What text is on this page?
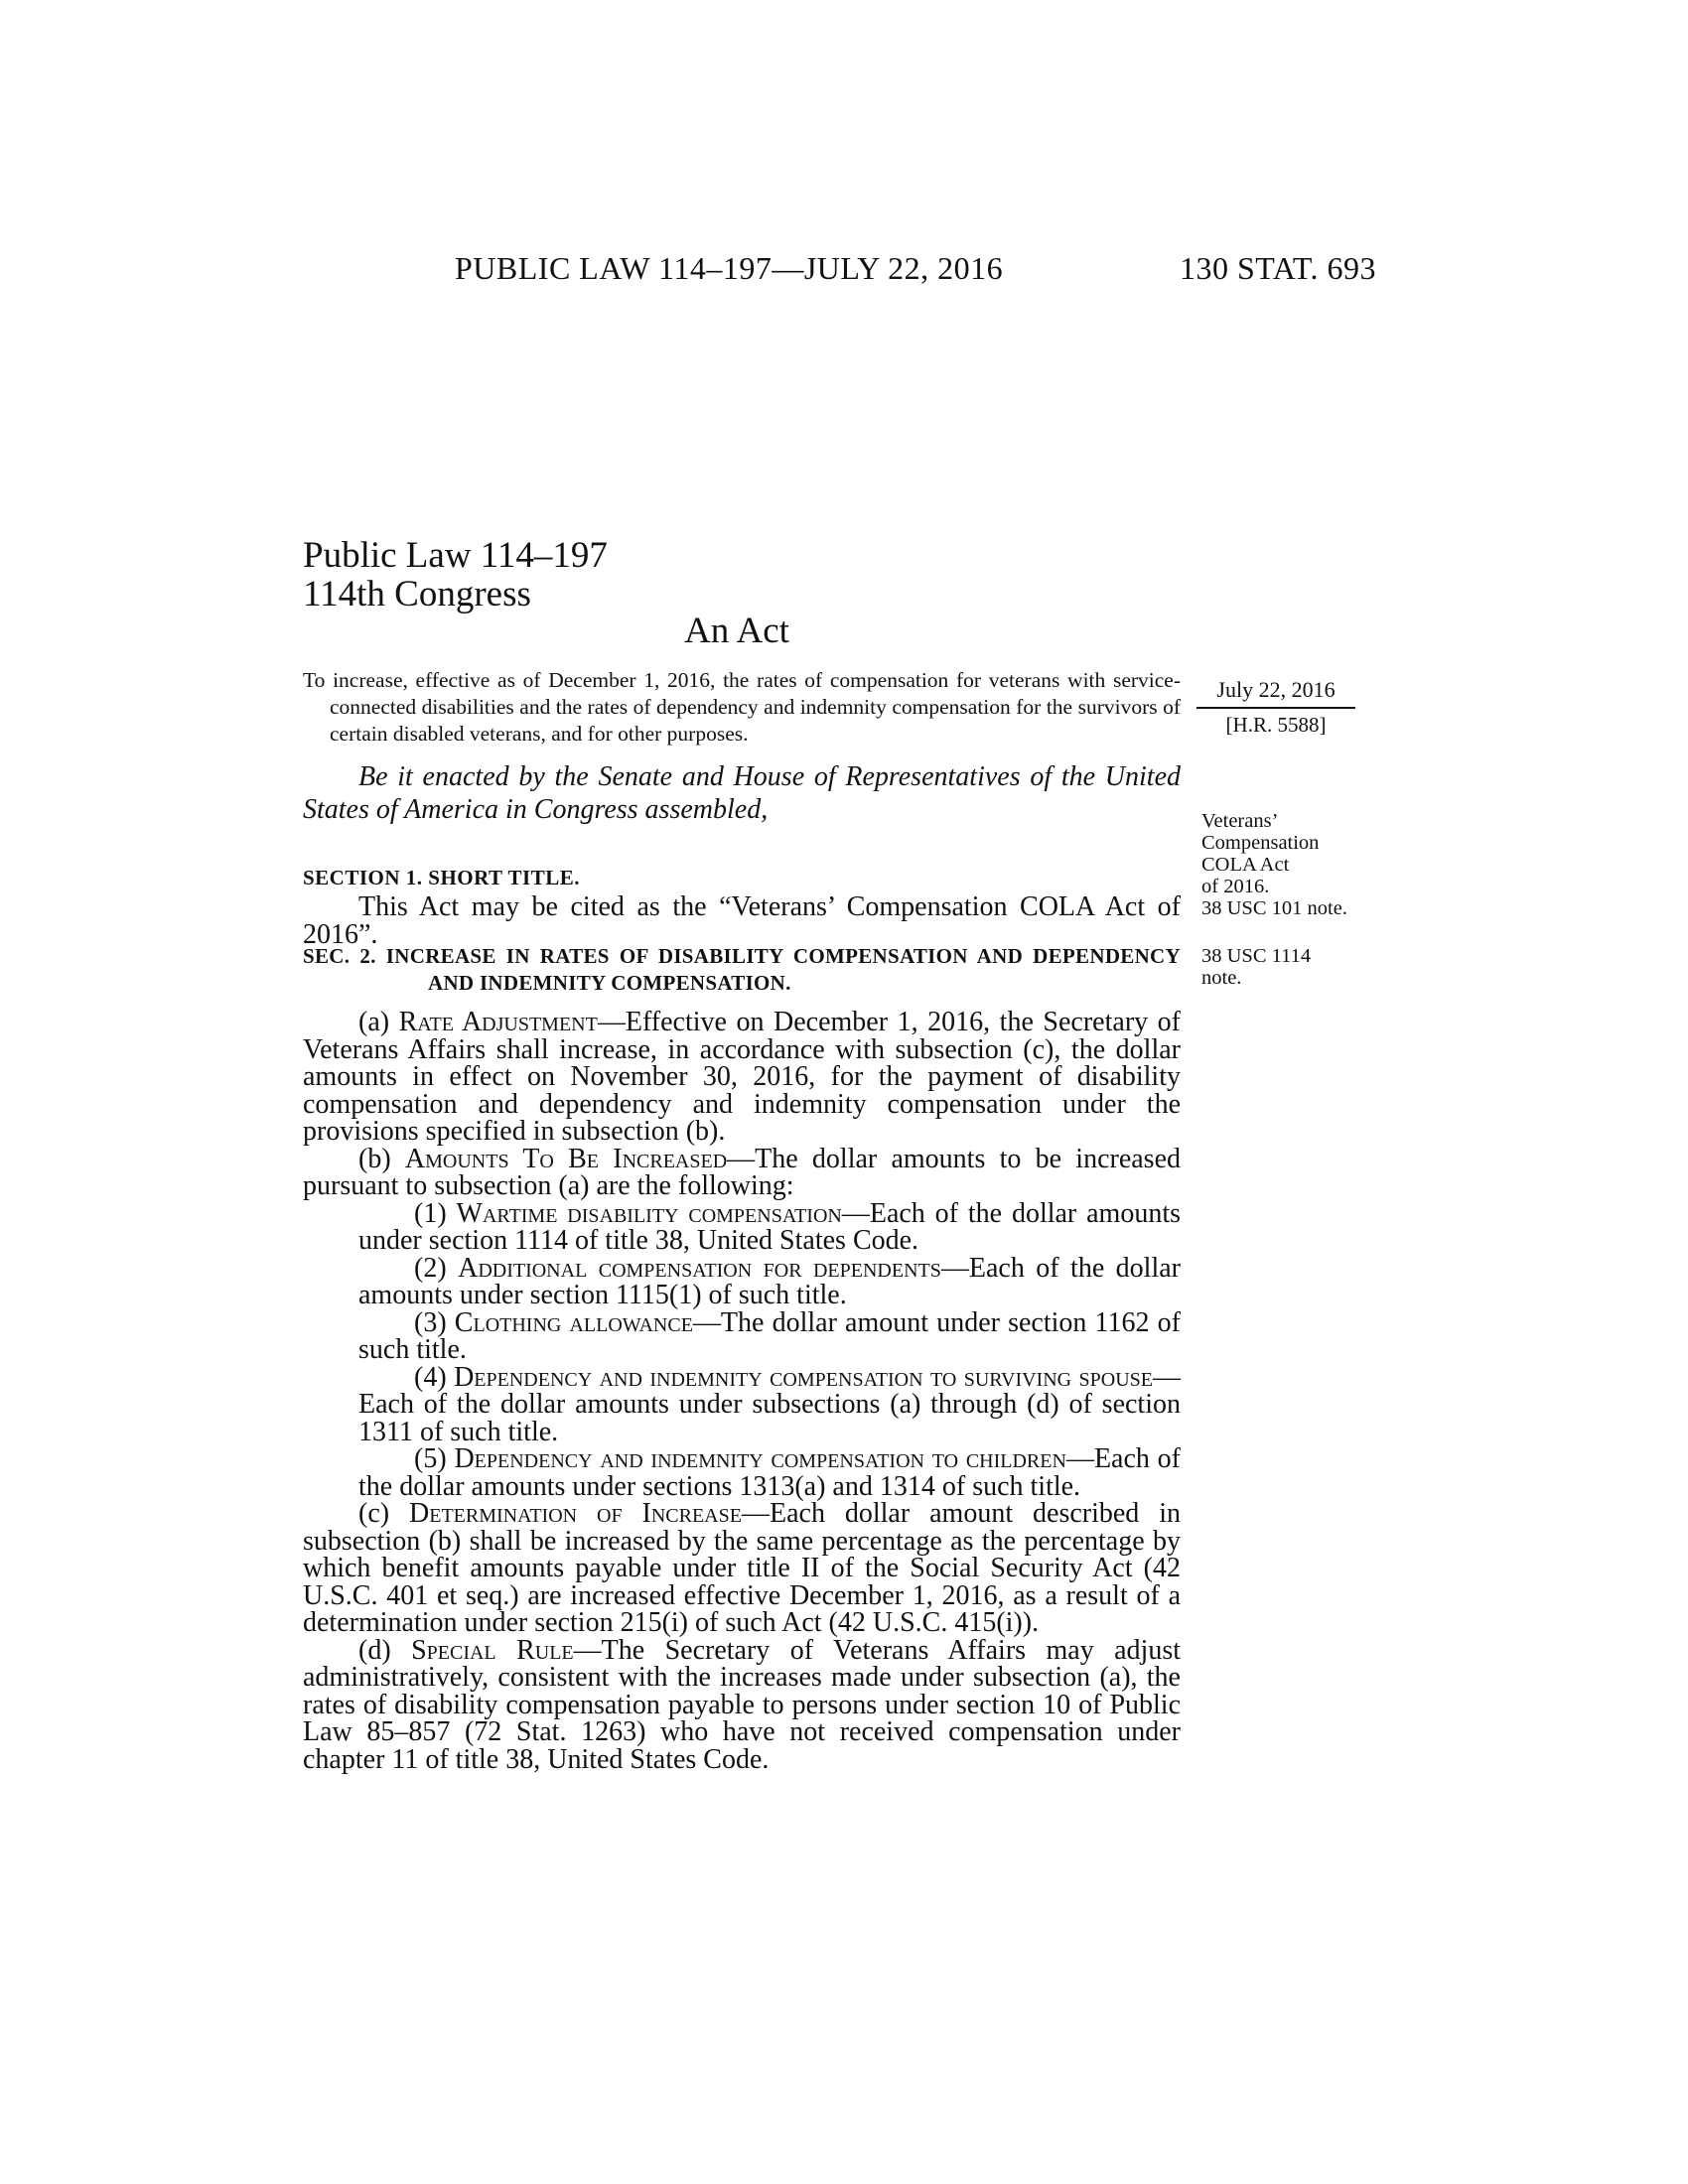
PUBLIC LAW 114–197—JULY 22, 2016	130 STAT. 693
Public Law 114–197
114th Congress
An Act
To increase, effective as of December 1, 2016, the rates of compensation for veterans with service-connected disabilities and the rates of dependency and indemnity compensation for the survivors of certain disabled veterans, and for other purposes.
July 22, 2016
[H.R. 5588]
Be it enacted by the Senate and House of Representatives of the United States of America in Congress assembled,	Veterans’
Compensation
COLA Act
of 2016.
38 USC 101 note.
SECTION 1. SHORT TITLE.

This Act may be cited as the “Veterans’ Compensation COLA Act of 2016”.

38 USC 1114
note.
SEC. 2. INCREASE IN RATES OF DISABILITY COMPENSATION AND DEPENDENCY AND INDEMNITY COMPENSATION.

(a) Rate Adjustment—Effective on December 1, 2016, the Secretary of Veterans Affairs shall increase, in accordance with subsection (c), the dollar amounts in effect on November 30, 2016, for the payment of disability compensation and dependency and indemnity compensation under the provisions specified in subsection (b).

(b) Amounts To Be Increased—The dollar amounts to be increased pursuant to subsection (a) are the following:

(1) Wartime disability compensation—Each of the dollar amounts under section 1114 of title 38, United States Code.

(2) Additional compensation for dependents—Each of the dollar amounts under section 1115(1) of such title.

(3) Clothing allowance—The dollar amount under section 1162 of such title.

(4) Dependency and indemnity compensation to surviving spouse—Each of the dollar amounts under subsections (a) through (d) of section 1311 of such title.

(5) Dependency and indemnity compensation to children—Each of the dollar amounts under sections 1313(a) and 1314 of such title.

(c) Determination of Increase—Each dollar amount described in subsection (b) shall be increased by the same percentage as the percentage by which benefit amounts payable under title II of the Social Security Act (42 U.S.C. 401 et seq.) are increased effective December 1, 2016, as a result of a determination under section 215(i) of such Act (42 U.S.C. 415(i)).

(d) Special Rule—The Secretary of Veterans Affairs may adjust administratively, consistent with the increases made under subsection (a), the rates of disability compensation payable to persons under section 10 of Public Law 85–857 (72 Stat. 1263) who have not received compensation under chapter 11 of title 38, United States Code.
